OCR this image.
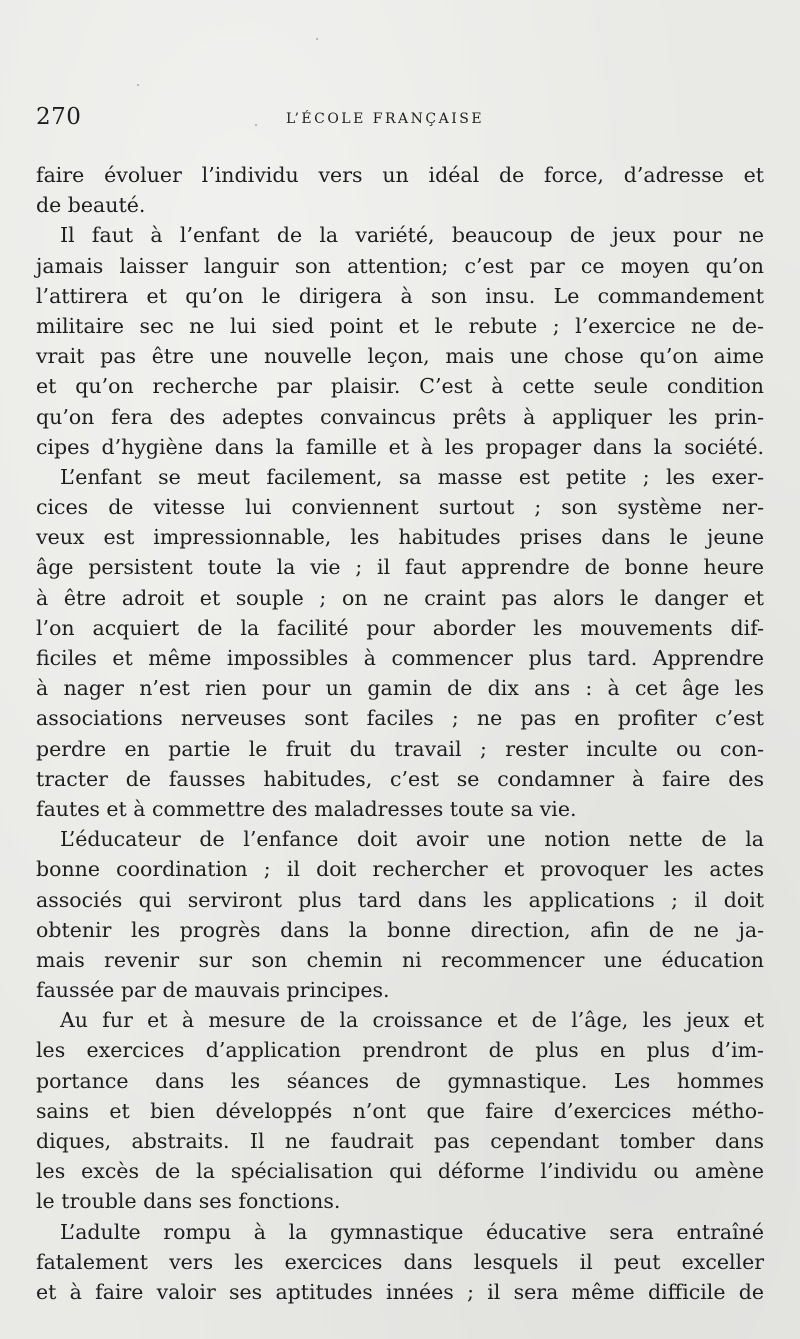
270	L’ÉCOLE FRANÇAISE
faire évoluer l’individu vers un idéal de force, d’adresse et
de beauté.
Il faut à l’enfant de la variété, beaucoup de jeux pour ne
jamais laisser languir son attention; c’est par ce moyen qu’on
l’attirera et qu’on le dirigera à son insu. Le commandement
militaire sec ne lui sied point et le rebute ; l’exercice ne de-
vrait pas être une nouvelle leçon, mais une chose qu’on aime
et qu’on recherche par plaisir. C’est à cette seule condition
qu’on fera des adeptes convaincus prêts à appliquer les prin-
cipes d’hygiène dans la famille et à les propager dans la société.
L’enfant se meut facilement, sa masse est petite ; les exer-
cices de vitesse lui conviennent surtout ; son système ner-
veux est impressionnable, les habitudes prises dans le jeune
âge persistent toute la vie ; il faut apprendre de bonne heure
à être adroit et souple ; on ne craint pas alors le danger et
l’on acquiert de la facilité pour aborder les mouvements dif-
ficiles et même impossibles à commencer plus tard. Apprendre
à nager n’est rien pour un gamin de dix ans : à cet âge les
associations nerveuses sont faciles ; ne pas en profiter c’est
perdre en partie le fruit du travail ; rester inculte ou con-
tracter de fausses habitudes, c’est se condamner à faire des
fautes et à commettre des maladresses toute sa vie.
L’éducateur de l’enfance doit avoir une notion nette de la
bonne coordination ; il doit rechercher et provoquer les actes
associés qui serviront plus tard dans les applications ; il doit
obtenir les progrès dans la bonne direction, afin de ne ja-
mais revenir sur son chemin ni recommencer une éducation
faussée par de mauvais principes.
Au fur et à mesure de la croissance et de l’âge, les jeux et
les exercices d’application prendront de plus en plus d’im-
portance dans les séances de gymnastique. Les hommes
sains et bien développés n’ont que faire d’exercices métho-
diques, abstraits. Il ne faudrait pas cependant tomber dans
les excès de la spécialisation qui déforme l’individu ou amène
le trouble dans ses fonctions.
L’adulte rompu à la gymnastique éducative sera entraîné
fatalement vers les exercices dans lesquels il peut exceller
et à faire valoir ses aptitudes innées ; il sera même difficile de
